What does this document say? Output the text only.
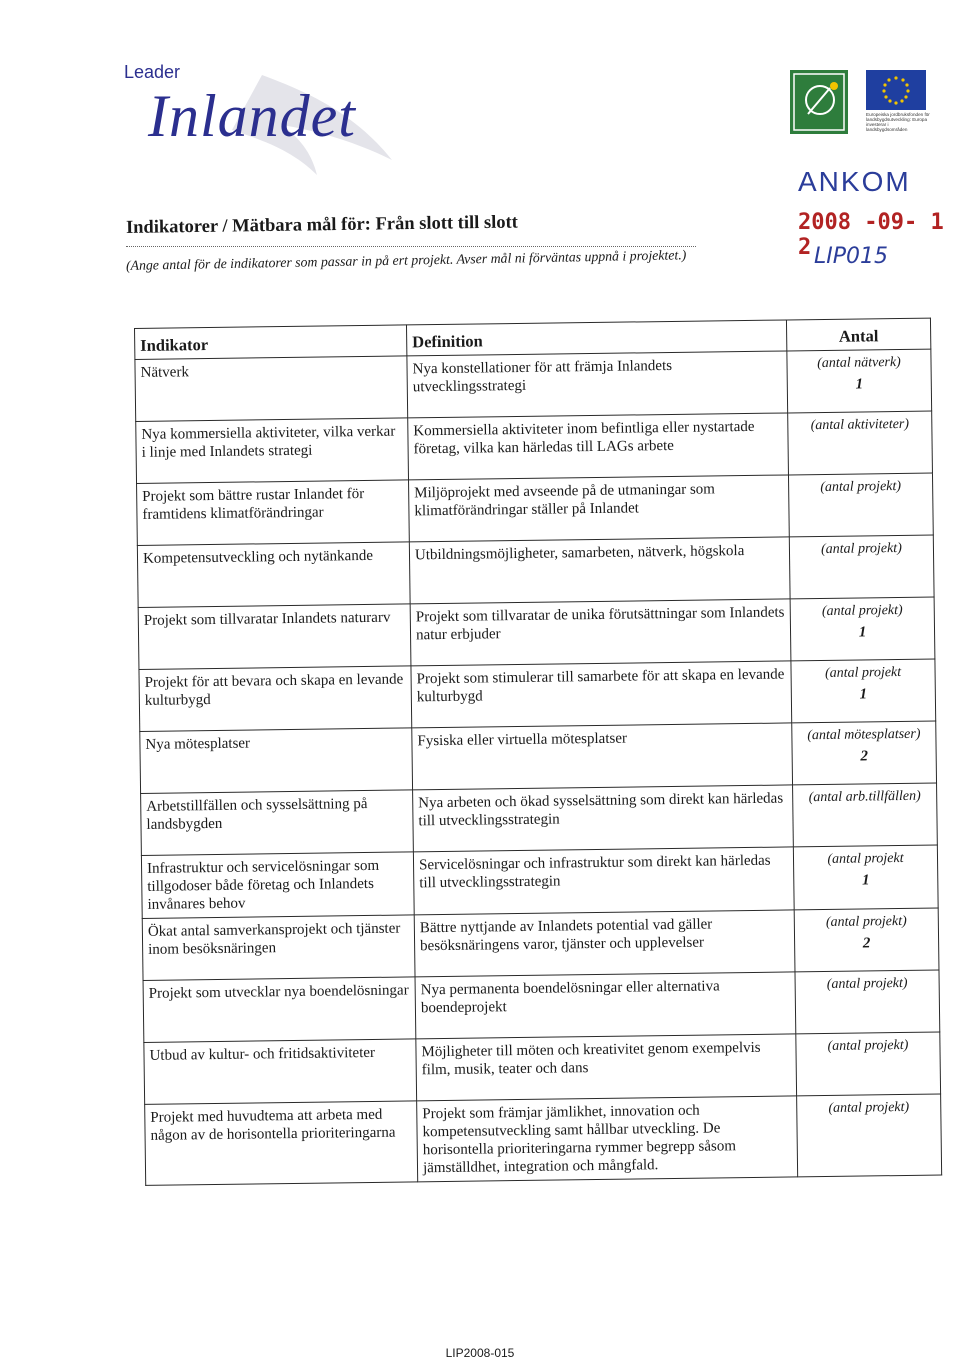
Leader
Inlandet	Europeiska jordbruksfonden för landsbygdsutveckling: Europa investerar i landsbygdsområden
ANKOM
2008 -09- 1 2 LIP015
Indikatorer / Mätbara mål för: Från slott till slott
(Ange antal för de indikatorer som passar in på ert projekt. Avser mål ni förväntas uppnå i projektet.)
Indikator	Definition	Antal
Nätverk	Nya konstellationer för att främja Inlandets utvecklingsstrategi	(antal nätverk)
1

Nya kommersiella aktiviteter, vilka verkar i linje med Inlandets strategi	Kommersiella aktiviteter inom befintliga eller nystartade företag, vilka kan härledas till LAGs arbete	(antal aktiviteter)

Projekt som bättre rustar Inlandet för framtidens klimatförändringar	Miljöprojekt med avseende på de utmaningar som klimatförändringar ställer på Inlandet	(antal projekt)

Kompetensutveckling och nytänkande	Utbildningsmöjligheter, samarbeten, nätverk, högskola	(antal projekt)

Projekt som tillvaratar Inlandets naturarv	Projekt som tillvaratar de unika förutsättningar som Inlandets natur erbjuder	(antal projekt)
1

Projekt för att bevara och skapa en levande kulturbygd	Projekt som stimulerar till samarbete för att skapa en levande kulturbygd	(antal projekt
1

Nya mötesplatser	Fysiska eller virtuella mötesplatser	(antal mötesplatser)
2

Arbetstillfällen och sysselsättning på landsbygden	Nya arbeten och ökad sysselsättning som direkt kan härledas till utvecklingsstrategin	(antal arb.tillfällen)

Infrastruktur och servicelösningar som tillgodoser både företag och Inlandets invånares behov	Servicelösningar och infrastruktur som direkt kan härledas till utvecklingsstrategin	(antal projekt
1

Ökat antal samverkansprojekt och tjänster inom besöksnäringen	Bättre nyttjande av Inlandets potential vad gäller besöksnäringens varor, tjänster och upplevelser	(antal projekt)
2

Projekt som utvecklar nya boendelösningar	Nya permanenta boendelösningar eller alternativa boendeprojekt	(antal projekt)

Utbud av kultur- och fritidsaktiviteter	Möjligheter till möten och kreativitet genom exempelvis film, musik, teater och dans	(antal projekt)

Projekt med huvudtema att arbeta med någon av de horisontella prioriteringarna	Projekt som främjar jämlikhet, innovation och kompetensutveckling samt hållbar utveckling. De horisontella prioriteringarna rymmer begrepp såsom jämställdhet, integration och mångfald.	(antal projekt)
LIP2008-015
